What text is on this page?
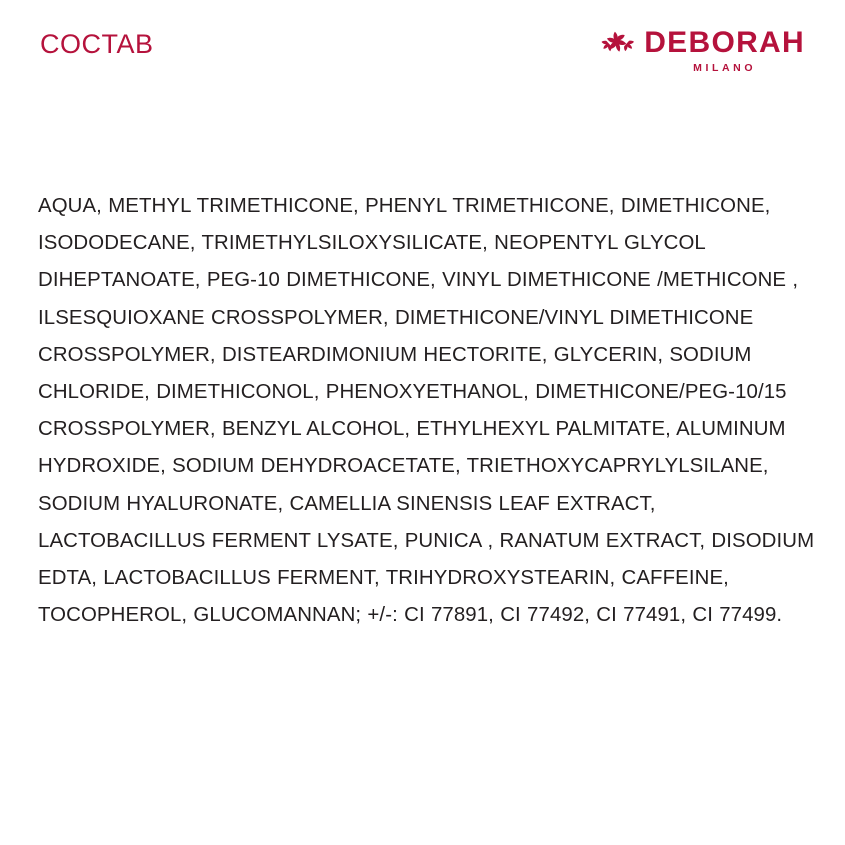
COCTAB	DEBORAH
MILANO
AQUA, METHYL TRIMETHICONE, PHENYL TRIMETHICONE, DIMETHICONE, ISODODECANE, TRIMETHYLSILOXYSILICATE, NEOPENTYL GLYCOL DIHEPTANOATE, PEG-10 DIMETHICONE, VINYL DIMETHICONE /METHICONE , ILSESQUIOXANE CROSSPOLYMER, DIMETHICONE/VINYL DIMETHICONE CROSSPOLYMER, DISTEARDIMONIUM HECTORITE, GLYCERIN, SODIUM CHLORIDE, DIMETHICONOL, PHENOXYETHANOL, DIMETHICONE/PEG-10/15 CROSSPOLYMER, BENZYL ALCOHOL, ETHYLHEXYL PALMITATE, ALUMINUM HYDROXIDE, SODIUM DEHYDROACETATE, TRIETHOXYCAPRYLYLSILANE, SODIUM HYALURONATE, CAMELLIA SINENSIS LEAF EXTRACT, LACTOBACILLUS FERMENT LYSATE, PUNICA , RANATUM EXTRACT, DISODIUM EDTA, LACTOBACILLUS FERMENT, TRIHYDROXYSTEARIN, CAFFEINE, TOCOPHEROL, GLUCOMANNAN; +/-: CI 77891, CI 77492, CI 77491, CI 77499.
